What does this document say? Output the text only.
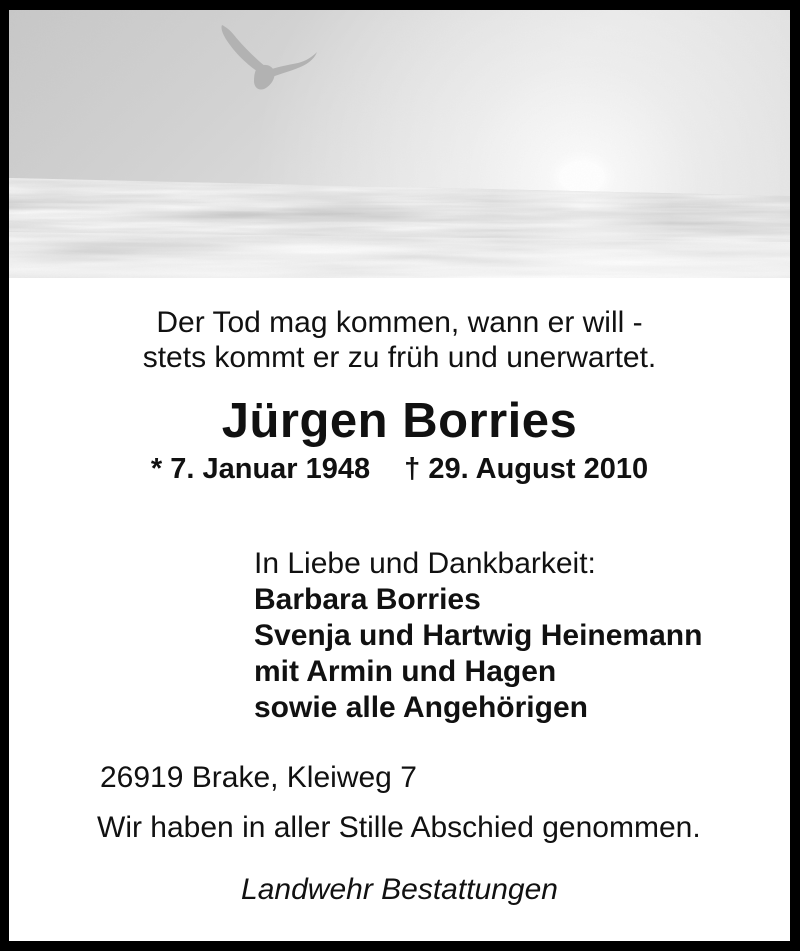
Der Tod mag kommen, wann er will -
stets kommt er zu früh und unerwartet.
Jürgen Borries
* 7. Januar 1948 † 29. August 2010
In Liebe und Dankbarkeit:
Barbara Borries
Svenja und Hartwig Heinemann
mit Armin und Hagen
sowie alle Angehörigen
26919 Brake, Kleiweg 7
Wir haben in aller Stille Abschied genommen.
Landwehr Bestattungen
